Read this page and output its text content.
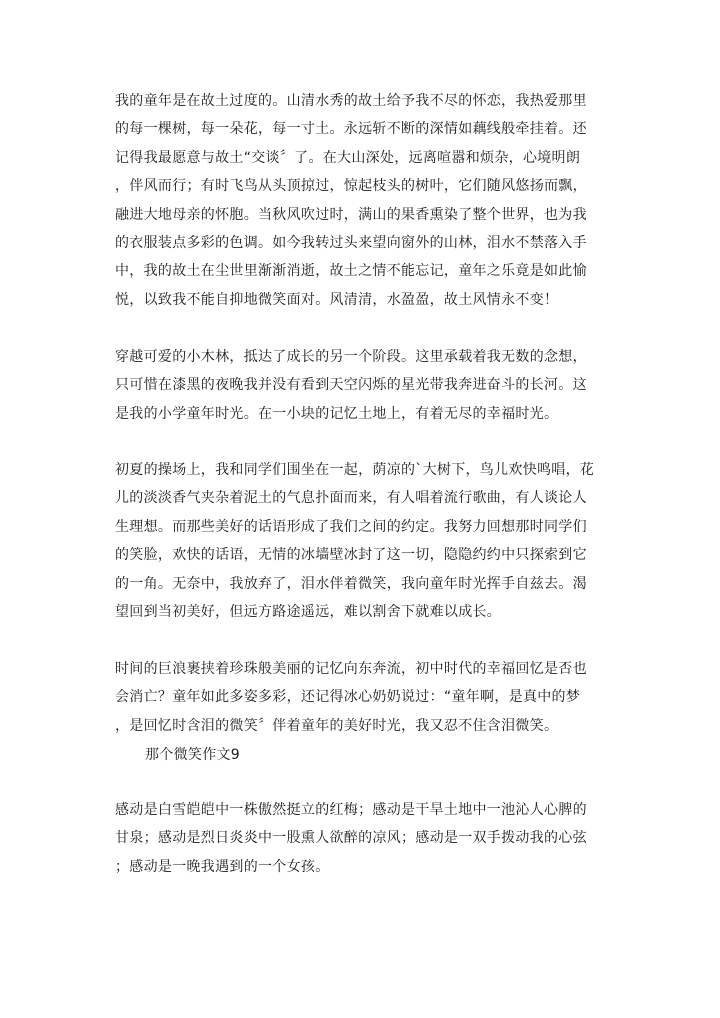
我的童年是在故土过度的。山清水秀的故土给予我不尽的怀恋，我热爱那里
的每一棵树，每一朵花，每一寸土。永远斩不断的深情如藕线般牵挂着。还
记得我最愿意与故土“交谈〞了。在大山深处，远离喧嚣和烦杂，心境明朗
，伴风而行；有时飞鸟从头顶掠过，惊起枝头的树叶，它们随风悠扬而飘，
融进大地母亲的怀胞。当秋风吹过时，满山的果香熏染了整个世界，也为我
的衣服装点多彩的色调。如今我转过头来望向窗外的山林，泪水不禁落入手
中，我的故土在尘世里渐渐消逝，故土之情不能忘记，童年之乐竟是如此愉
悦，以致我不能自抑地微笑面对。风清清，水盈盈，故土风情永不变！

穿越可爱的小木林，抵达了成长的另一个阶段。这里承载着我无数的念想，
只可惜在漆黑的夜晚我并没有看到天空闪烁的星光带我奔进奋斗的长河。这
是我的小学童年时光。在一小块的记忆土地上，有着无尽的幸福时光。

初夏的操场上，我和同学们围坐在一起，荫凉的`大树下，鸟儿欢快鸣唱，花
儿的淡淡香气夹杂着泥土的气息扑面而来，有人唱着流行歌曲，有人谈论人
生理想。而那些美好的话语形成了我们之间的约定。我努力回想那时同学们
的笑脸，欢快的话语，无情的冰墙壁冰封了这一切，隐隐约约中只探索到它
的一角。无奈中，我放弃了，泪水伴着微笑，我向童年时光挥手自兹去。渴
望回到当初美好，但远方路途遥远，难以割舍下就难以成长。

时间的巨浪裹挟着珍珠般美丽的记忆向东奔流，初中时代的幸福回忆是否也
会消亡？童年如此多姿多彩，还记得冰心奶奶说过：“童年啊，是真中的梦
，是回忆时含泪的微笑〞伴着童年的美好时光，我又忍不住含泪微笑。

那个微笑作文9

感动是白雪皑皑中一株傲然挺立的红梅；感动是干旱土地中一池沁人心脾的
甘泉；感动是烈日炎炎中一股熏人欲醉的凉风；感动是一双手拨动我的心弦
；感动是一晚我遇到的一个女孩。
